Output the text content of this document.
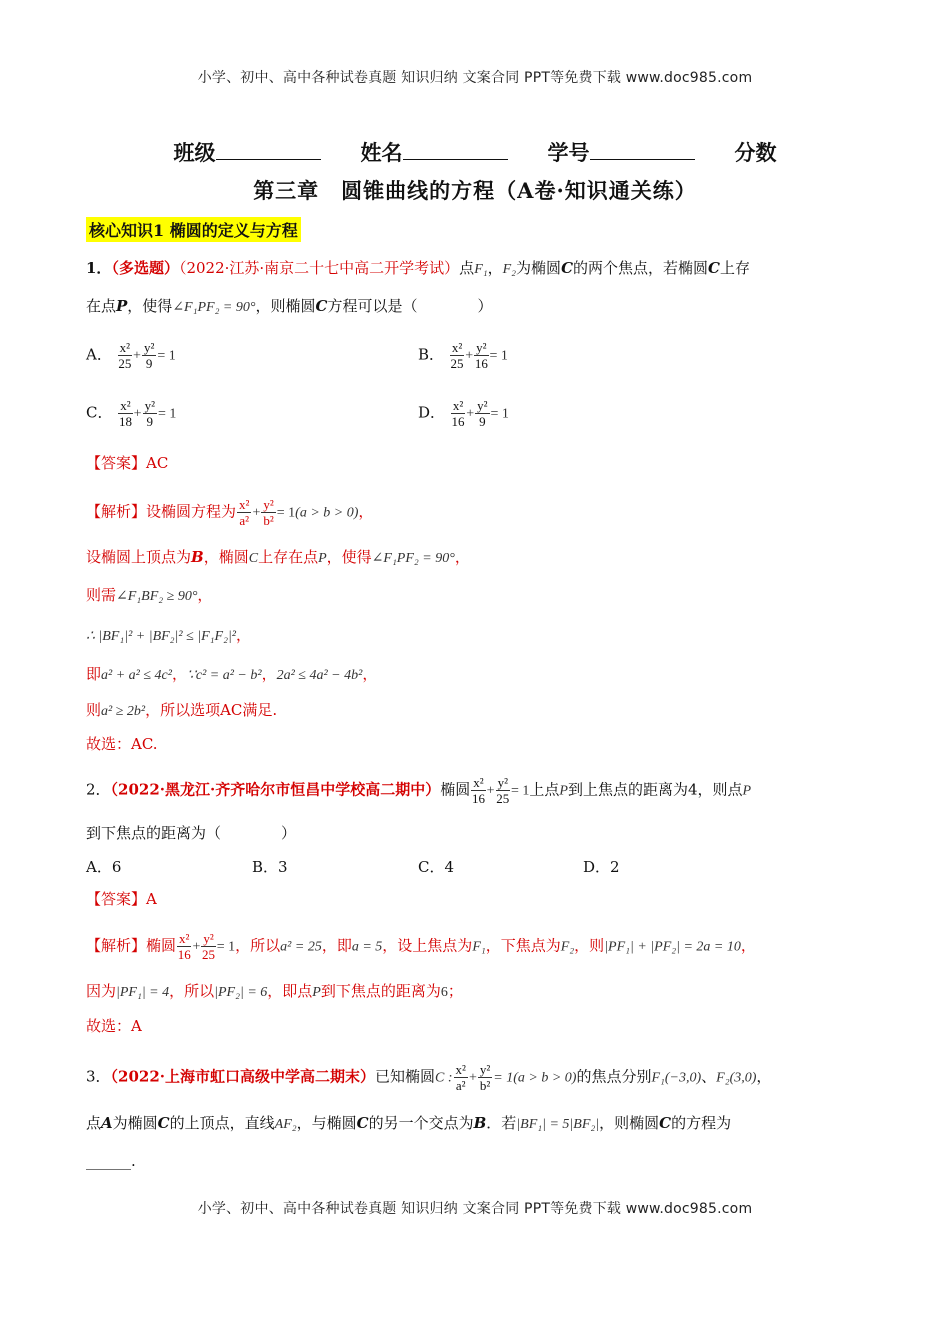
小学、初中、高中各种试卷真题 知识归纳 文案合同 PPT等免费下载 www.doc985.com
班级	姓名	学号	分数
第三章　圆锥曲线的方程（A卷·知识通关练）
核心知识1 椭圆的定义与方程
1．（多选题）（2022·江苏·南京二十七中高二开学考试）点F₁，F₂为椭圆C的两个焦点，若椭圆C上存
在点P，使得∠F₁PF₂ = 90°，则椭圆C方程可以是（　　　　）
A． $\frac{\text{x²}}{25} + \frac{\text{y²}}{9} = 1$	B． $\frac{\text{x²}}{25} + \frac{\text{y²}}{16} = 1$
C． $\frac{\text{x²}}{18} + \frac{\text{y²}}{9} = 1$	D． $\frac{\text{x²}}{16} + \frac{\text{y²}}{9} = 1$
【答案】AC
【解析】设椭圆方程为 $\frac{\text{x²}}{\text{a²}} + \frac{\text{y²}}{\text{b²}} = 1(a > b > 0)$，
设椭圆上顶点为B，椭圆C上存在点P，使得∠F₁PF₂ = 90°，
则需∠F₁BF₂ ≥ 90°，
∴ |BF₁|² + |BF₂|² ≤ |F₁F₂|²，
即a² + a² ≤ 4c²，∵c² = a² − b²，2a² ≤ 4a² − 4b²，
则a² ≥ 2b²，所以选项AC满足.
故选：AC.
2．（2022·黑龙江·齐齐哈尔市恒昌中学校高二期中）椭圆 $\frac{\text{x²}}{16} + \frac{\text{y²}}{25} = 1$上点P到上焦点的距离为4，则点P
到下焦点的距离为（　　　　）
A．6	B．3	C．4	D．2
【答案】A
【解析】椭圆 $\frac{\text{x²}}{16} + \frac{\text{y²}}{25} = 1$，所以a² = 25，即a = 5，设上焦点为F₁，下焦点为F₂，则|PF₁| + |PF₂| = 2a = 10，
因为|PF₁| = 4，所以|PF₂| = 6，即点P到下焦点的距离为6；
故选：A
3．（2022·上海市虹口高级中学高二期末）已知椭圆C : $\frac{\text{x²}}{\text{a²}} + \frac{\text{y²}}{\text{b²}} = 1(a > b > 0)$的焦点分别F₁(−3,0)、F₂(3,0)，
点A为椭圆C的上顶点，直线AF₂，与椭圆C的另一个交点为B．若|BF₁| = 5|BF₂|，则椭圆C的方程为
______.
小学、初中、高中各种试卷真题 知识归纳 文案合同 PPT等免费下载 www.doc985.com
